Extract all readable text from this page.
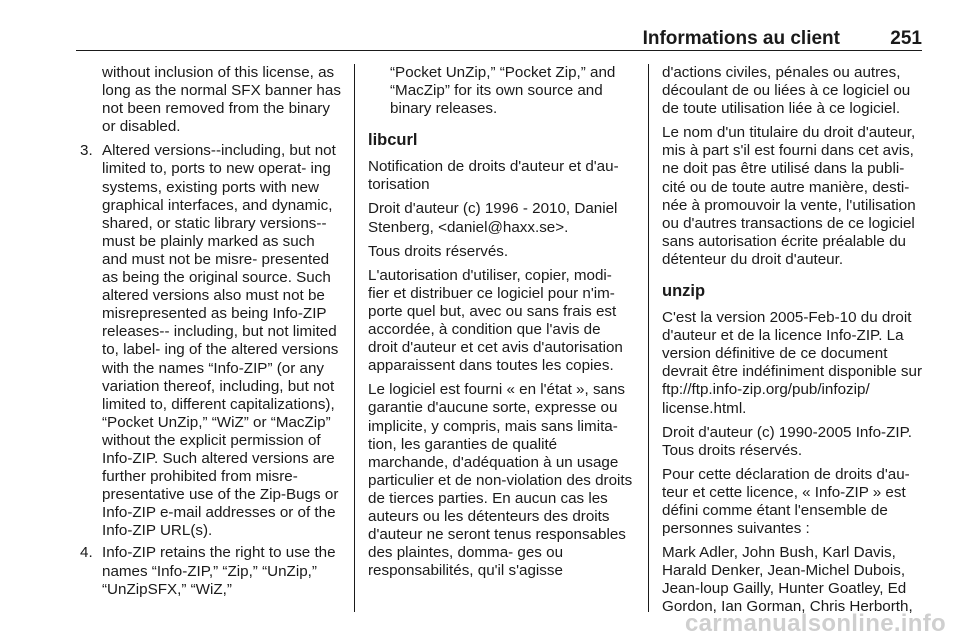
Informations au client	251

without inclusion of this license, as long as the normal SFX banner has not been removed from the binary or disabled.

3. Altered versions--including, but not limited to, ports to new operat- ing systems, existing ports with new graphical interfaces, and dynamic, shared, or static library versions--must be plainly marked as such and must not be misre- presented as being the original source. Such altered versions also must not be misrepresented as being Info-ZIP releases-- including, but not limited to, label- ing of the altered versions with the names “Info-ZIP” (or any variation thereof, including, but not limited to, different capitalizations), “Pocket UnZip,” “WiZ” or “MacZip” without the explicit permission of Info-ZIP. Such altered versions are further prohibited from misre- presentative use of the Zip-Bugs or Info-ZIP e-mail addresses or of the Info-ZIP URL(s).
4. Info-ZIP retains the right to use the names “Info-ZIP,” “Zip,” “UnZip,” “UnZipSFX,” “WiZ,”

“Pocket UnZip,” “Pocket Zip,” and “MacZip” for its own source and binary releases.

libcurl

Notification de droits d'auteur et d'au- torisation

Droit d'auteur (c) 1996 - 2010, Daniel Stenberg, <daniel@haxx.se>.

Tous droits réservés.

L'autorisation d'utiliser, copier, modi- fier et distribuer ce logiciel pour n'im- porte quel but, avec ou sans frais est accordée, à condition que l'avis de droit d'auteur et cet avis d'autorisation apparaissent dans toutes les copies.

Le logiciel est fourni « en l'état », sans garantie d'aucune sorte, expresse ou implicite, y compris, mais sans limita- tion, les garanties de qualité marchande, d'adéquation à un usage particulier et de non-violation des droits de tierces parties. En aucun cas les auteurs ou les détenteurs des droits d'auteur ne seront tenus responsables des plaintes, domma- ges ou responsabilités, qu'il s'agisse

d'actions civiles, pénales ou autres, découlant de ou liées à ce logiciel ou de toute utilisation liée à ce logiciel.

Le nom d'un titulaire du droit d'auteur, mis à part s'il est fourni dans cet avis, ne doit pas être utilisé dans la publi- cité ou de toute autre manière, desti- née à promouvoir la vente, l'utilisation ou d'autres transactions de ce logiciel sans autorisation écrite préalable du détenteur du droit d'auteur.

unzip

C'est la version 2005-Feb-10 du droit d'auteur et de la licence Info-ZIP. La version définitive de ce document devrait être indéfiniment disponible sur ftp://ftp.info-zip.org/pub/infozip/ license.html.

Droit d'auteur (c) 1990-2005 Info-ZIP. Tous droits réservés.

Pour cette déclaration de droits d'au- teur et cette licence, « Info-ZIP » est défini comme étant l'ensemble de personnes suivantes :

Mark Adler, John Bush, Karl Davis, Harald Denker, Jean-Michel Dubois, Jean-loup Gailly, Hunter Goatley, Ed Gordon, Ian Gorman, Chris Herborth,

carmanualsonline.info
